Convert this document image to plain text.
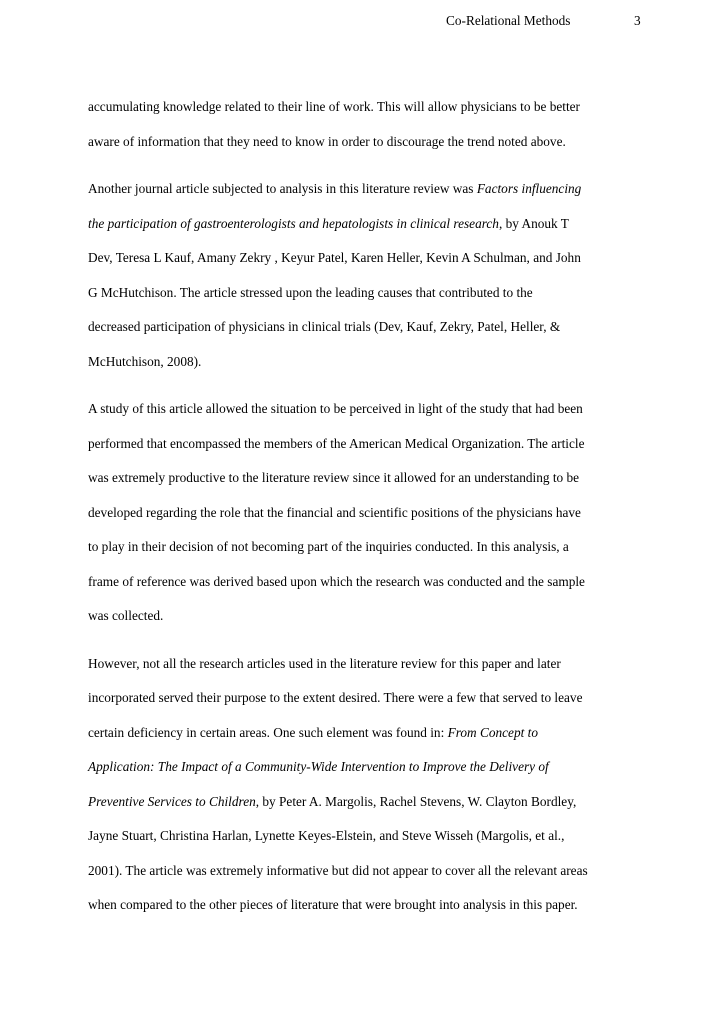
Co-Relational Methods	3

accumulating knowledge related to their line of work. This will allow physicians to be better
aware of information that they need to know in order to discourage the trend noted above.

Another journal article subjected to analysis in this literature review was Factors influencing
the participation of gastroenterologists and hepatologists in clinical research, by Anouk T
Dev, Teresa L Kauf, Amany Zekry , Keyur Patel, Karen Heller, Kevin A Schulman, and John
G McHutchison. The article stressed upon the leading causes that contributed to the
decreased participation of physicians in clinical trials (Dev, Kauf, Zekry, Patel, Heller, &
McHutchison, 2008).

A study of this article allowed the situation to be perceived in light of the study that had been
performed that encompassed the members of the American Medical Organization. The article
was extremely productive to the literature review since it allowed for an understanding to be
developed regarding the role that the financial and scientific positions of the physicians have
to play in their decision of not becoming part of the inquiries conducted. In this analysis, a
frame of reference was derived based upon which the research was conducted and the sample
was collected.

However, not all the research articles used in the literature review for this paper and later
incorporated served their purpose to the extent desired. There were a few that served to leave
certain deficiency in certain areas. One such element was found in: From Concept to
Application: The Impact of a Community-Wide Intervention to Improve the Delivery of
Preventive Services to Children, by Peter A. Margolis, Rachel Stevens, W. Clayton Bordley,
Jayne Stuart, Christina Harlan, Lynette Keyes-Elstein, and Steve Wisseh (Margolis, et al.,
2001). The article was extremely informative but did not appear to cover all the relevant areas
when compared to the other pieces of literature that were brought into analysis in this paper.
